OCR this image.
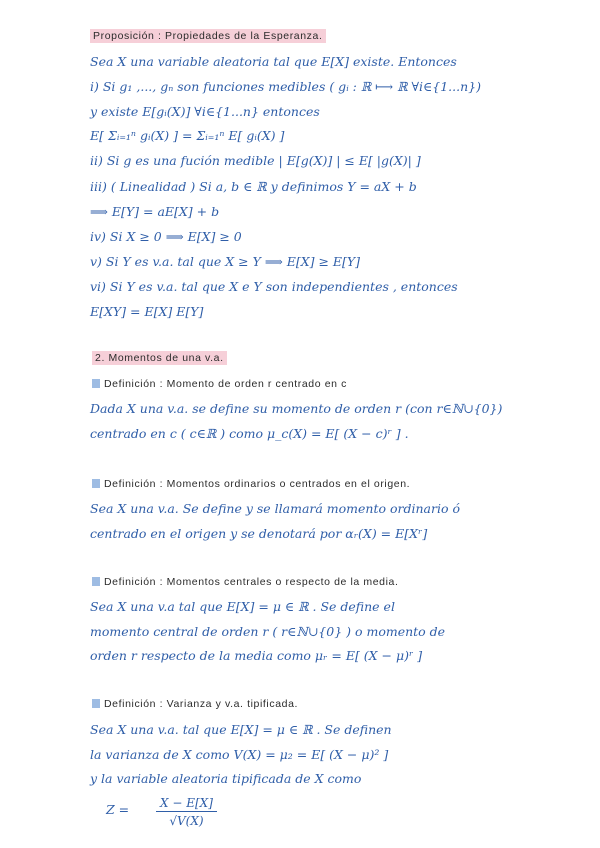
Proposición : Propiedades de la Esperanza.
Sea X una variable aleatoria tal que E[X] existe. Entonces
i) Si g₁ ,..., gₙ son funciones medibles ( gᵢ : ℝ ⟼ ℝ ∀i∈{1...n})
y existe E[gᵢ(X)] ∀i∈{1...n} entonces
E[ Σᵢ₌₁ⁿ gᵢ(X) ] = Σᵢ₌₁ⁿ E[ gᵢ(X) ]
ii) Si g es una fución medible | E[g(X)] | ≤ E[ |g(X)| ]
iii) ( Linealidad ) Si a, b ∈ ℝ y definimos Y = aX + b
⟹ E[Y] = aE[X] + b
iv) Si X ≥ 0 ⟹ E[X] ≥ 0
v) Si Y es v.a. tal que X ≥ Y ⟹ E[X] ≥ E[Y]
vi) Si Y es v.a. tal que X e Y son independientes , entonces
E[XY] = E[X] E[Y]
2. Momentos de una v.a.
Definición : Momento de orden r centrado en c
Dada X una v.a. se define su momento de orden r (con r∈ℕ∪{0})
centrado en c ( c∈ℝ ) como μ_c(X) = E[ (X − c)ʳ ] .
Definición : Momentos ordinarios o centrados en el origen.
Sea X una v.a. Se define y se llamará momento ordinario ó
centrado en el origen y se denotará por αᵣ(X) = E[Xʳ]
Definición : Momentos centrales o respecto de la media.
Sea X una v.a tal que E[X] = μ ∈ ℝ . Se define el
momento central de orden r ( r∈ℕ∪{0} ) o momento de
orden r respecto de la media como μᵣ = E[ (X − μ)ʳ ]
Definición : Varianza y v.a. tipificada.
Sea X una v.a. tal que E[X] = μ ∈ ℝ . Se definen
la varianza de X como V(X) = μ₂ = E[ (X − μ)² ]
y la variable aleatoria tipificada de X como
$Z = \frac{X - E[X]}{√V(X)}$
